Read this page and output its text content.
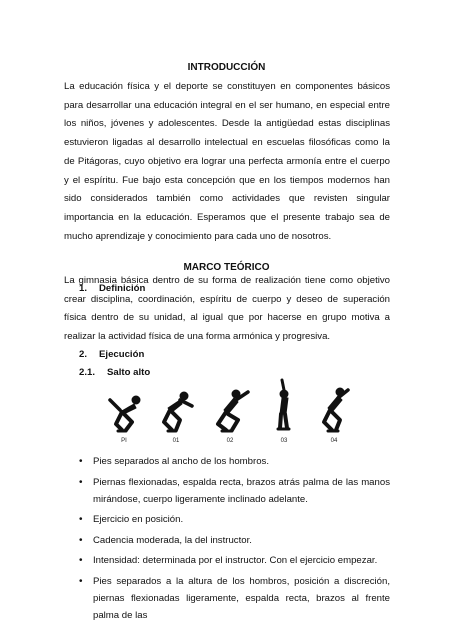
INTRODUCCIÓN
La educación física y el deporte se constituyen en componentes básicos para desarrollar una educación integral en el ser humano, en especial entre los niños, jóvenes y adolescentes. Desde la antigüedad estas disciplinas estuvieron ligadas al desarrollo intelectual en escuelas filosóficas como la de Pitágoras, cuyo objetivo era lograr una perfecta armonía entre el cuerpo y el espíritu. Fue bajo esta concepción que en los tiempos modernos han sido considerados también como actividades que revisten singular importancia en la educación. Esperamos que el presente trabajo sea de mucho aprendizaje y conocimiento para cada uno de nosotros.
MARCO TEÓRICO
1. Definición
La gimnasia básica dentro de su forma de realización tiene como objetivo crear disciplina, coordinación, espíritu de cuerpo y deseo de superación física dentro de su unidad, al igual que por hacerse en grupo motiva a realizar la actividad física de una forma armónica y progresiva.
2. Ejecución
2.1. Salto alto
PI	01	02	03	04
• Pies separados al ancho de los hombros.
• Piernas flexionadas, espalda recta, brazos atrás palma de las manos mirándose, cuerpo ligeramente inclinado adelante.
• Ejercicio en posición.
• Cadencia moderada, la del instructor.
• Intensidad: determinada por el instructor. Con el ejercicio empezar.
• Pies separados a la altura de los hombros, posición a discreción, piernas flexionadas ligeramente, espalda recta, brazos al frente palma de las
